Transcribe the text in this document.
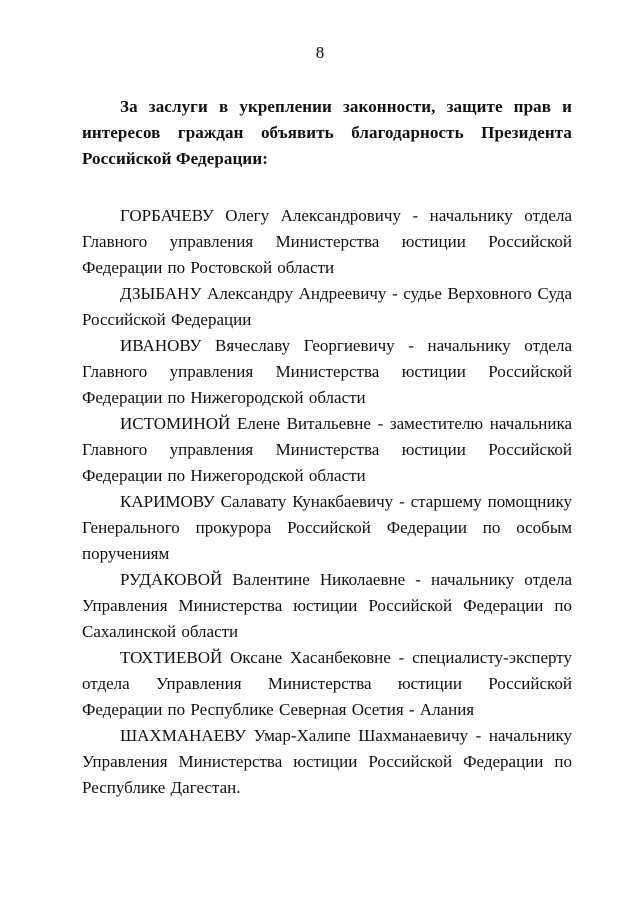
8

За заслуги в укреплении законности, защите прав и интересов граждан объявить благодарность Президента Российской Федерации:

ГОРБАЧЕВУ Олегу Александровичу - начальнику отдела Главного управления Министерства юстиции Российской Федерации по Ростовской области

ДЗЫБАНУ Александру Андреевичу - судье Верховного Суда Российской Федерации

ИВАНОВУ Вячеславу Георгиевичу - начальнику отдела Главного управления Министерства юстиции Российской Федерации по Нижегородской области

ИСТОМИНОЙ Елене Витальевне - заместителю начальника Главного управления Министерства юстиции Российской Федерации по Нижегородской области

КАРИМОВУ Салавату Кунакбаевичу - старшему помощнику Генерального прокурора Российской Федерации по особым поручениям

РУДАКОВОЙ Валентине Николаевне - начальнику отдела Управления Министерства юстиции Российской Федерации по Сахалинской области

ТОХТИЕВОЙ Оксане Хасанбековне - специалисту-эксперту отдела Управления Министерства юстиции Российской Федерации по Республике Северная Осетия - Алания

ШАХМАНАЕВУ Умар-Халипе Шахманаевичу - начальнику Управления Министерства юстиции Российской Федерации по Республике Дагестан.
